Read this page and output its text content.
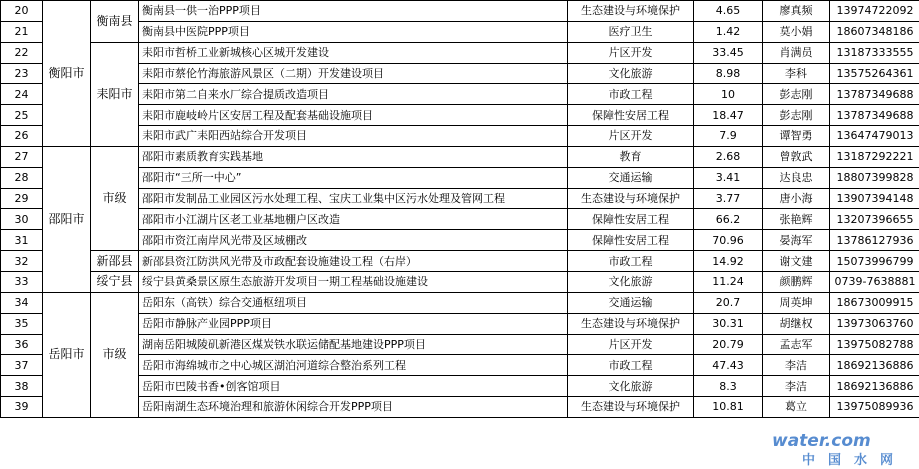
20	衡阳市	衡南县	衡南县一供一治PPP项目	生态建设与环境保护	4.65	廖真频	13974722092
21			衡南县中医院PPP项目	医疗卫生	1.42	莫小娟	18607348186
22		耒阳市	耒阳市哲桥工业新城核心区城开发建设	片区开发	33.45	肖满员	13187333555
23			耒阳市蔡伦竹海旅游风景区（二期）开发建设项目	文化旅游	8.98	李科	13575264361
24			耒阳市第二自来水厂综合提质改造项目	市政工程	10	彭志刚	13787349688
25			耒阳市鹿岐岭片区安居工程及配套基础设施项目	保障性安居工程	18.47	彭志刚	13787349688
26			耒阳市武广耒阳西站综合开发项目	片区开发	7.9	谭智勇	13647479013
27	邵阳市	市级	邵阳市素质教育实践基地	教育	2.68	曾敦武	13187292221
28			邵阳市“三所一中心”	交通运输	3.41	达良忠	18807399828
29			邵阳市发制品工业园区污水处理工程、宝庆工业集中区污水处理及管网工程	生态建设与环境保护	3.77	唐小海	13907394148
30			邵阳市小江湖片区老工业基地棚户区改造	保障性安居工程	66.2	张艳辉	13207396655
31			邵阳市资江南岸风光带及区域棚改	保障性安居工程	70.96	晏海军	13786127936
32		新邵县	新邵县资江防洪风光带及市政配套设施建设工程（右岸）	市政工程	14.92	谢文建	15073996799
33		绥宁县	绥宁县黄桑景区原生态旅游开发项目一期工程基础设施建设	文化旅游	11.24	颜鹏辉	0739-7638881
34	岳阳市	市级	岳阳东（高铁）综合交通枢纽项目	交通运输	20.7	周英坤	18673009915
35			岳阳市静脉产业园PPP项目	生态建设与环境保护	30.31	胡继权	13973063760
36			湖南岳阳城陵矶新港区煤炭铁水联运储配基地建设PPP项目	片区开发	20.79	孟志军	13975082788
37			岳阳市海绵城市之中心城区湖泊河道综合整治系列工程	市政工程	47.43	李洁	18692136886
38			岳阳市巴陵书香•创客馆项目	文化旅游	8.3	李洁	18692136886
39			岳阳南湖生态环境治理和旅游休闲综合开发PPP项目	生态建设与环境保护	10.81	葛立	13975089936
water.com
中国水网
